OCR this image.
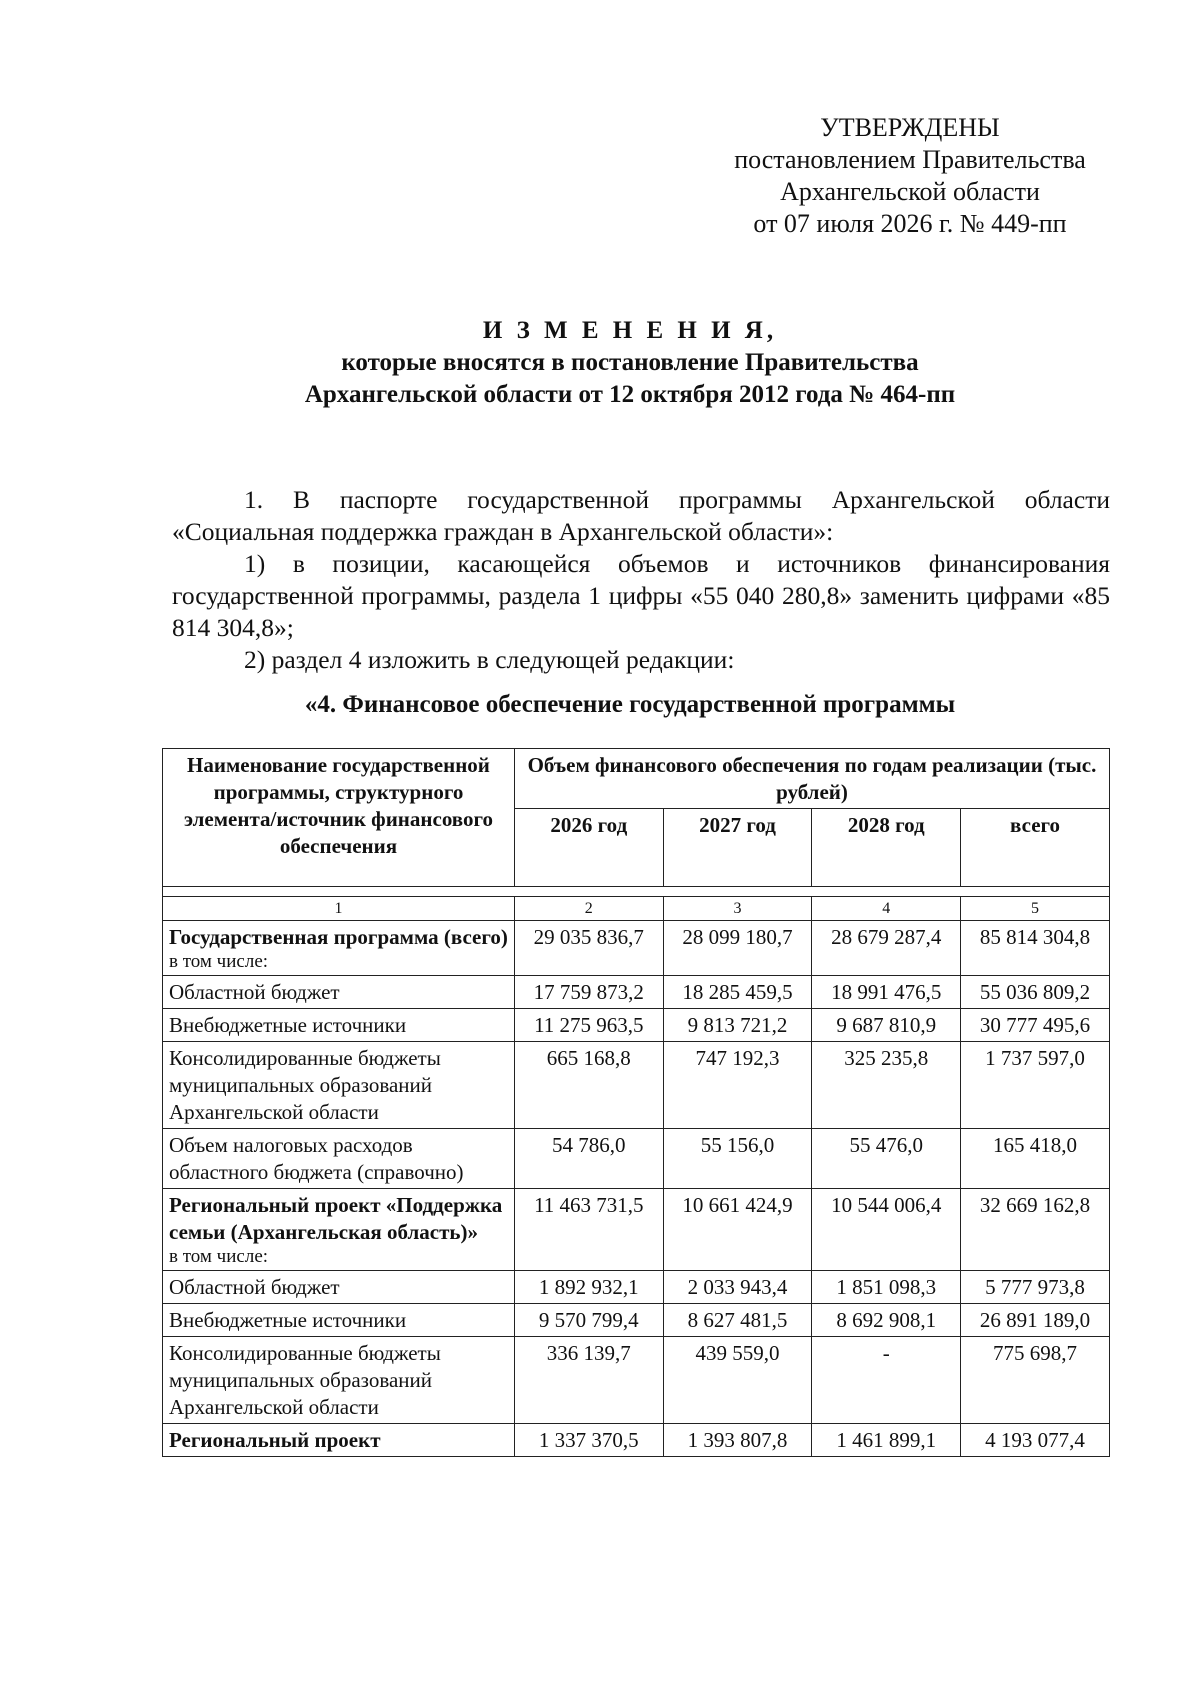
УТВЕРЖДЕНЫ
постановлением Правительства
Архангельской области
от 07 июля 2026 г. № 449-пп
И З М Е Н Е Н И Я,
которые вносятся в постановление Правительства
Архангельской области от 12 октября 2012 года № 464-пп

1. В паспорте государственной программы Архангельской области «Социальная поддержка граждан в Архангельской области»:

1) в позиции, касающейся объемов и источников финансирования государственной программы, раздела 1 цифры «55 040 280,8» заменить цифрами «85 814 304,8»;

2) раздел 4 изложить в следующей редакции:

«4. Финансовое обеспечение государственной программы
Наименование государственной программы, структурного элемента/источник финансового обеспечения	Объем финансового обеспечения по годам реализации (тыс. рублей)			
	2026 год	2027 год	2028 год	всего

1	2	3	4	5
Государственная программа (всего)
в том числе:	29 035 836,7	28 099 180,7	28 679 287,4	85 814 304,8
Областной бюджет	17 759 873,2	18 285 459,5	18 991 476,5	55 036 809,2
Внебюджетные источники	11 275 963,5	9 813 721,2	9 687 810,9	30 777 495,6
Консолидированные бюджеты муниципальных образований Архангельской области	665 168,8	747 192,3	325 235,8	1 737 597,0
Объем налоговых расходов областного бюджета (справочно)	54 786,0	55 156,0	55 476,0	165 418,0
Региональный проект «Поддержка семьи (Архангельская область)»
в том числе:	11 463 731,5	10 661 424,9	10 544 006,4	32 669 162,8
Областной бюджет	1 892 932,1	2 033 943,4	1 851 098,3	5 777 973,8
Внебюджетные источники	9 570 799,4	8 627 481,5	8 692 908,1	26 891 189,0
Консолидированные бюджеты муниципальных образований Архангельской области	336 139,7	439 559,0	-	775 698,7
Региональный проект	1 337 370,5	1 393 807,8	1 461 899,1	4 193 077,4
